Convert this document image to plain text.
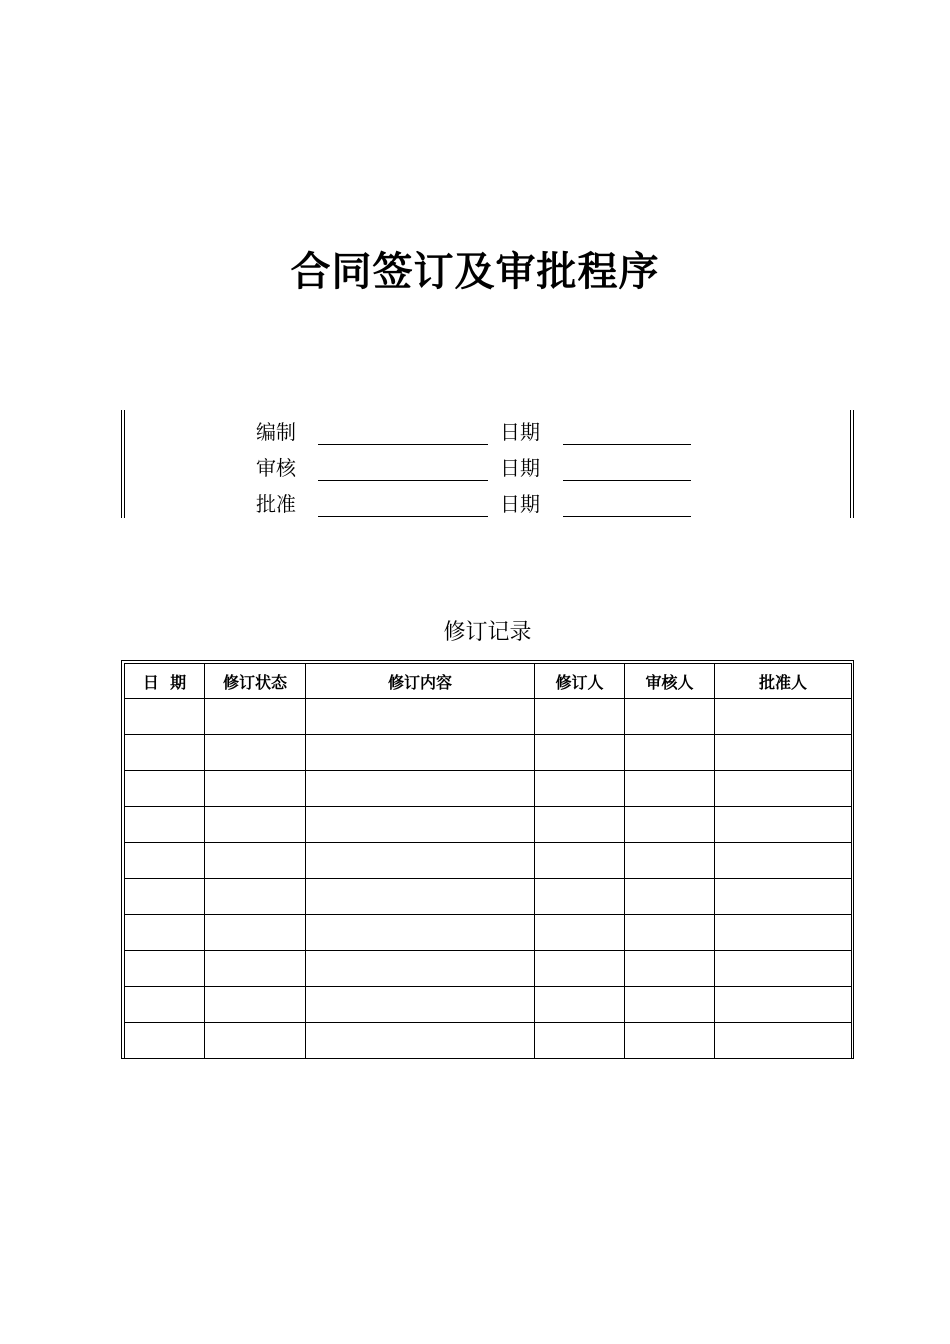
合同签订及审批程序
编制	日期
审核	日期
批准	日期
修订记录
日  期	修订状态	修订内容	修订人	审核人	批准人
